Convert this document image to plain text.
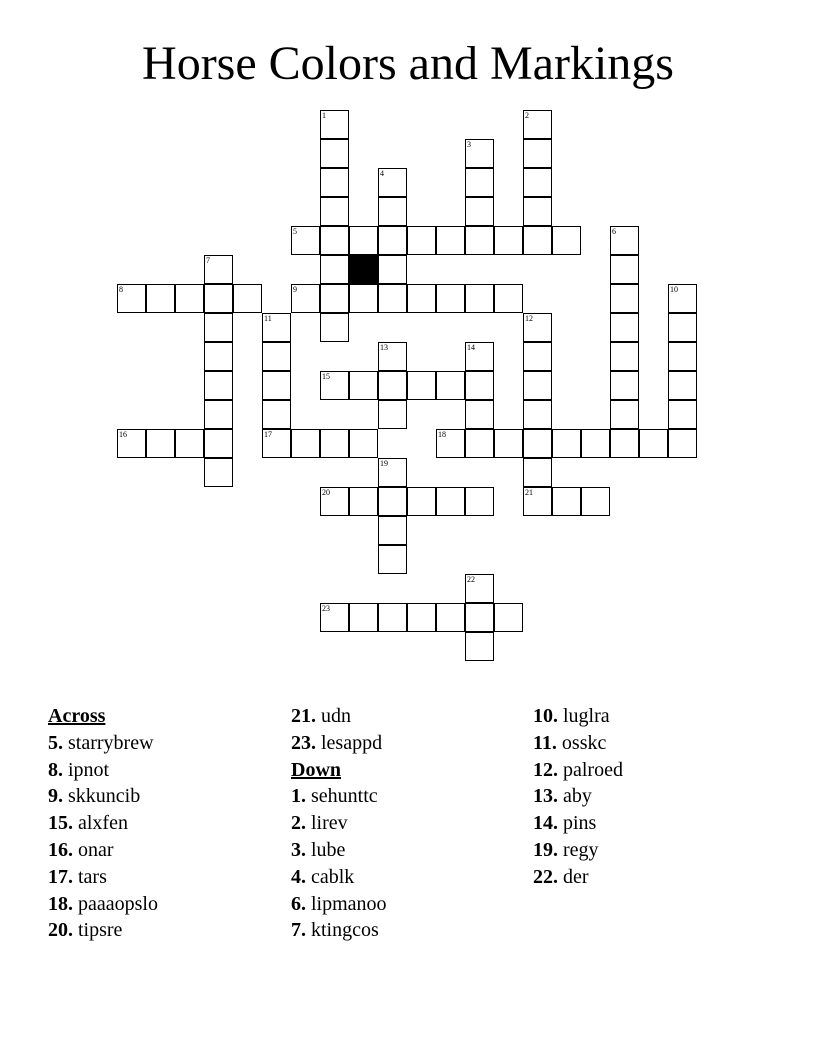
Horse Colors and Markings
1	2
3
4
5	6
7
8	9	10
11	12
13	14
15
16	17	18
19
20	21
22
23
Across
5. starrybrew
8. ipnot
9. skkuncib
15. alxfen
16. onar
17. tars
18. paaaopslo
20. tipsre
21. udn
23. lesappd
Down
1. sehunttc
2. lirev
3. lube
4. cablk
6. lipmanoo
7. ktingcos
10. luglra
11. osskc
12. palroed
13. aby
14. pins
19. regy
22. der
